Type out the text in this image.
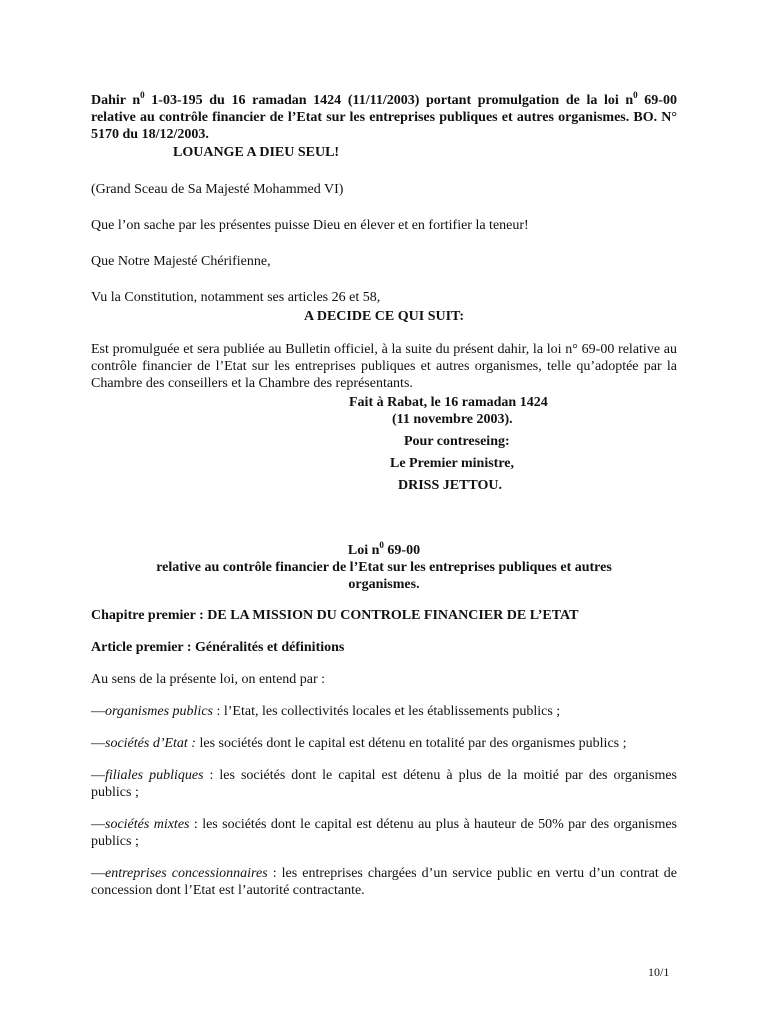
Dahir $n^0$ 1-03-195 du 16 ramadan 1424 (11/11/2003) portant promulgation de la loi $n^0$ 69-00 relative au contrôle financier de l’Etat sur les entreprises publiques et autres organismes. BO. N° 5170 du 18/12/2003.

LOUANGE A DIEU SEUL!

(Grand Sceau de Sa Majesté Mohammed VI)

Que l’on sache par les présentes puisse Dieu en élever et en fortifier la teneur!

Que Notre Majesté Chérifienne,

Vu la Constitution, notamment ses articles 26 et 58,

A DECIDE CE QUI SUIT:

Est promulguée et sera publiée au Bulletin officiel, à la suite du présent dahir, la loi n° 69-00 relative au contrôle financier de l’Etat sur les entreprises publiques et autres organismes, telle qu’adoptée par la Chambre des conseillers et la Chambre des représentants.

Fait à Rabat, le 16 ramadan 1424

(11 novembre 2003).

Pour contreseing:

Le Premier ministre,

DRISS JETTOU.

Loi $n^0$ 69-00

relative au contrôle financier de l’Etat sur les entreprises publiques et autres organismes.

Chapitre premier : DE LA MISSION DU CONTROLE FINANCIER DE L’ETAT

Article premier : Généralités et définitions

Au sens de la présente loi, on entend par :

—organismes publics : l’Etat, les collectivités locales et les établissements publics ;

—sociétés d’Etat : les sociétés dont le capital est détenu en totalité par des organismes publics ;

—filiales publiques : les sociétés dont le capital est détenu à plus de la moitié par des organismes publics ;

—sociétés mixtes : les sociétés dont le capital est détenu au plus à hauteur de 50% par des organismes publics ;

—entreprises concessionnaires : les entreprises chargées d’un service public en vertu d’un contrat de concession dont l’Etat est l’autorité contractante.

10/1
